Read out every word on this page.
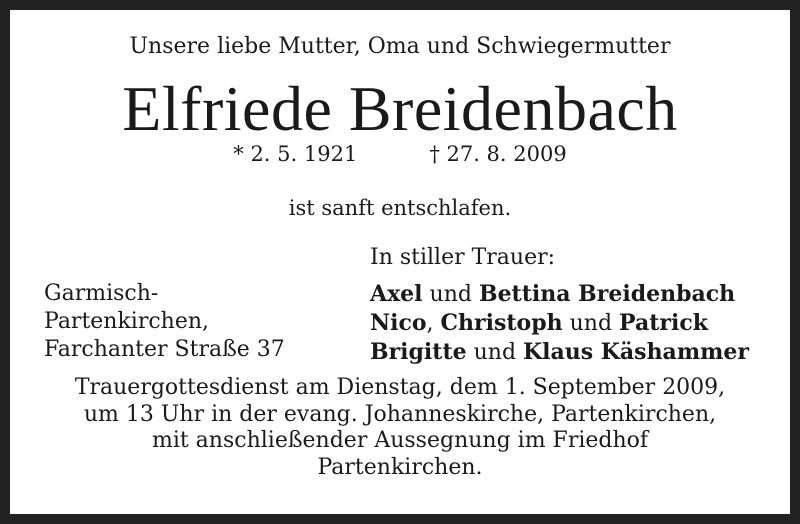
Unsere liebe Mutter, Oma und Schwiegermutter
Elfriede Breidenbach
* 2. 5. 1921	† 27. 8. 2009
ist sanft entschlafen.
In stiller Trauer:
Garmisch-
Partenkirchen,
Farchanter Straße 37
Axel und Bettina Breidenbach
Nico, Christoph und Patrick
Brigitte und Klaus Käshammer
Trauergottesdienst am Dienstag, dem 1. September 2009,
um 13 Uhr in der evang. Johanneskirche, Partenkirchen,
mit anschließender Aussegnung im Friedhof
Partenkirchen.
